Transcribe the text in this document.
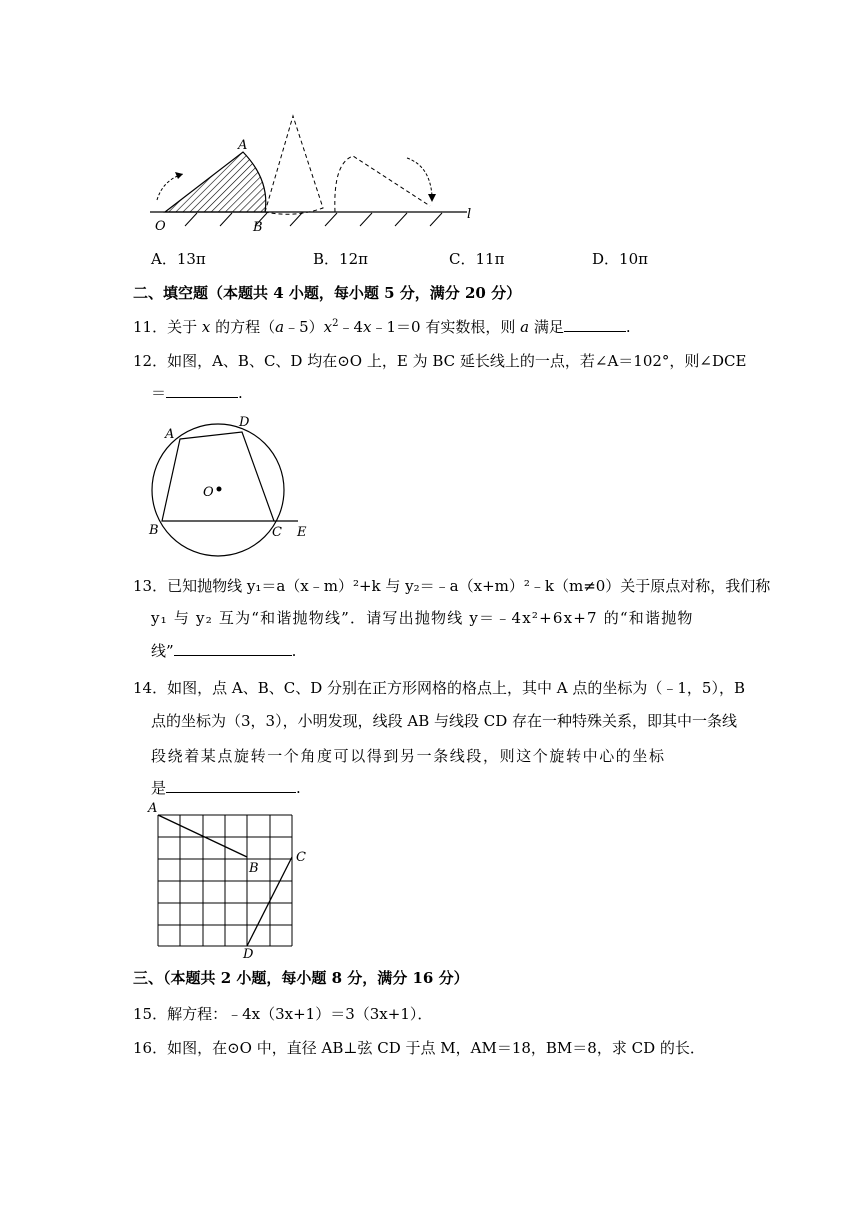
A
O	B
l
A．13π	B．12π	C．11π	D．10π
二、填空题（本题共 4 小题，每小题 5 分，满分 20 分）
11．关于 x 的方程$(a﹣5)x^2﹣4x﹣1=0$ 有实数根，则 a 满足	.
12．如图，A、B、C、D 均在⊙O 上，E 为 BC 延长线上的一点，若∠A＝102°，则∠DCE
＝	.
A
D
O
B	C E
13．已知抛物线 y₁＝a（x﹣m）²+k 与 y₂＝﹣a（x+m）²﹣k（m≠0）关于原点对称，我们称
y₁ 与 y₂ 互为“和谐抛物线”．请写出抛物线 y＝﹣4x²+6x+7 的“和谐抛物
线”	.
14．如图，点 A、B、C、D 分别在正方形网格的格点上，其中 A 点的坐标为（﹣1，5），B
点的坐标为（3，3），小明发现，线段 AB 与线段 CD 存在一种特殊关系，即其中一条线
段绕着某点旋转一个角度可以得到另一条线段，则这个旋转中心的坐标
是	.
A
B
C
D
三、（本题共 2 小题，每小题 8 分，满分 16 分）
15．解方程：﹣4x（3x+1）＝3（3x+1）．
16．如图，在⊙O 中，直径 AB⊥弦 CD 于点 M，AM＝18，BM＝8，求 CD 的长．
